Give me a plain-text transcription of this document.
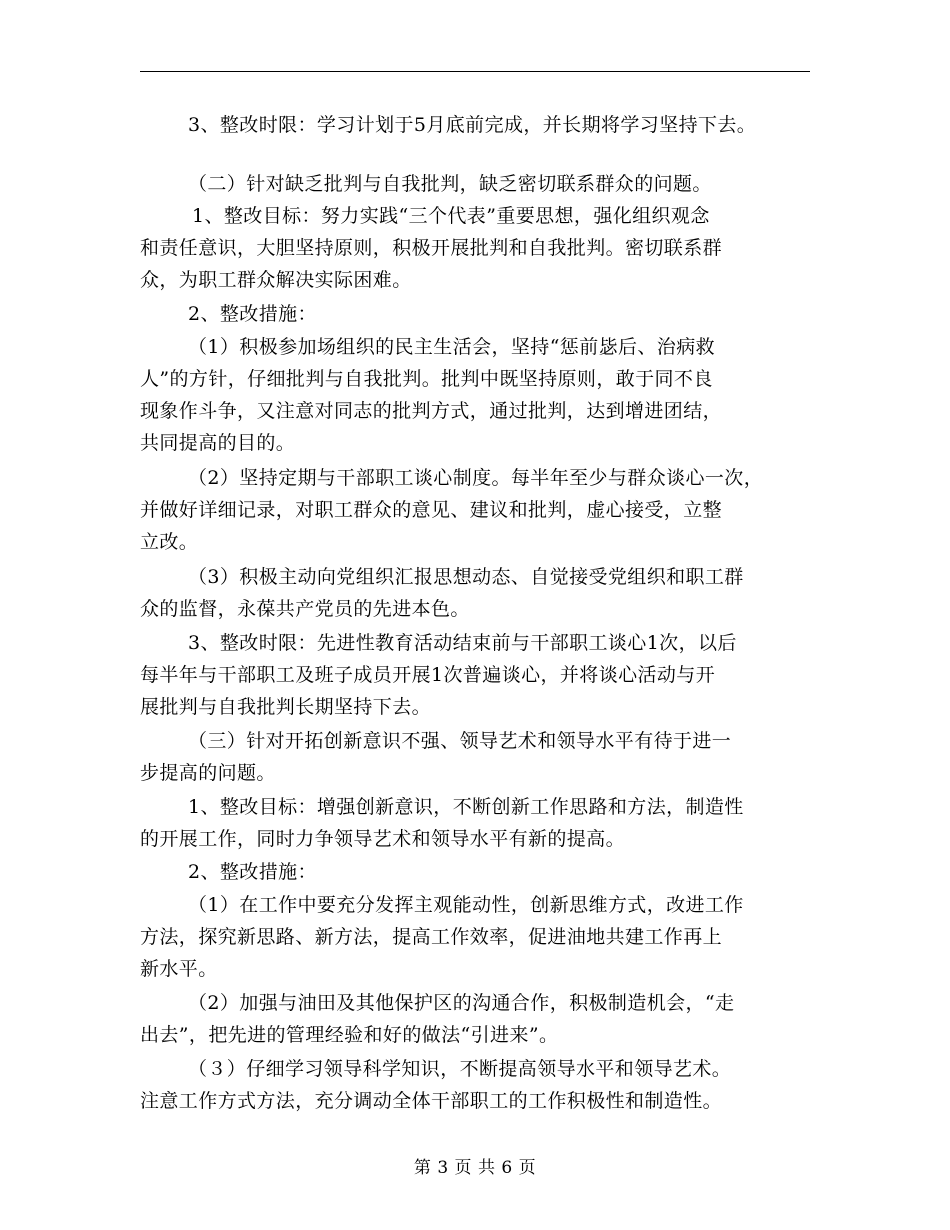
3、整改时限：学习计划于5月底前完成，并长期将学习坚持下去。
（二）针对缺乏批判与自我批判，缺乏密切联系群众的问题。
1、整改目标：努力实践“三个代表”重要思想，强化组织观念
和责任意识，大胆坚持原则，积极开展批判和自我批判。密切联系群
众，为职工群众解决实际困难。
2、整改措施：
（1）积极参加场组织的民主生活会，坚持“惩前毖后、治病救
人”的方针，仔细批判与自我批判。批判中既坚持原则，敢于同不良
现象作斗争，又注意对同志的批判方式，通过批判，达到增进团结，
共同提高的目的。
（2）坚持定期与干部职工谈心制度。每半年至少与群众谈心一次，
并做好详细记录，对职工群众的意见、建议和批判，虚心接受，立整
立改。
（3）积极主动向党组织汇报思想动态、自觉接受党组织和职工群
众的监督，永葆共产党员的先进本色。
3、整改时限：先进性教育活动结束前与干部职工谈心1次，以后
每半年与干部职工及班子成员开展1次普遍谈心，并将谈心活动与开
展批判与自我批判长期坚持下去。
（三）针对开拓创新意识不强、领导艺术和领导水平有待于进一
步提高的问题。
1、整改目标：增强创新意识，不断创新工作思路和方法，制造性
的开展工作，同时力争领导艺术和领导水平有新的提高。
2、整改措施：
（1）在工作中要充分发挥主观能动性，创新思维方式，改进工作
方法，探究新思路、新方法，提高工作效率，促进油地共建工作再上
新水平。
（2）加强与油田及其他保护区的沟通合作，积极制造机会，“走
出去”，把先进的管理经验和好的做法“引进来”。
（３）仔细学习领导科学知识，不断提高领导水平和领导艺术。
注意工作方式方法，充分调动全体干部职工的工作积极性和制造性。
第 3 页 共 6 页
